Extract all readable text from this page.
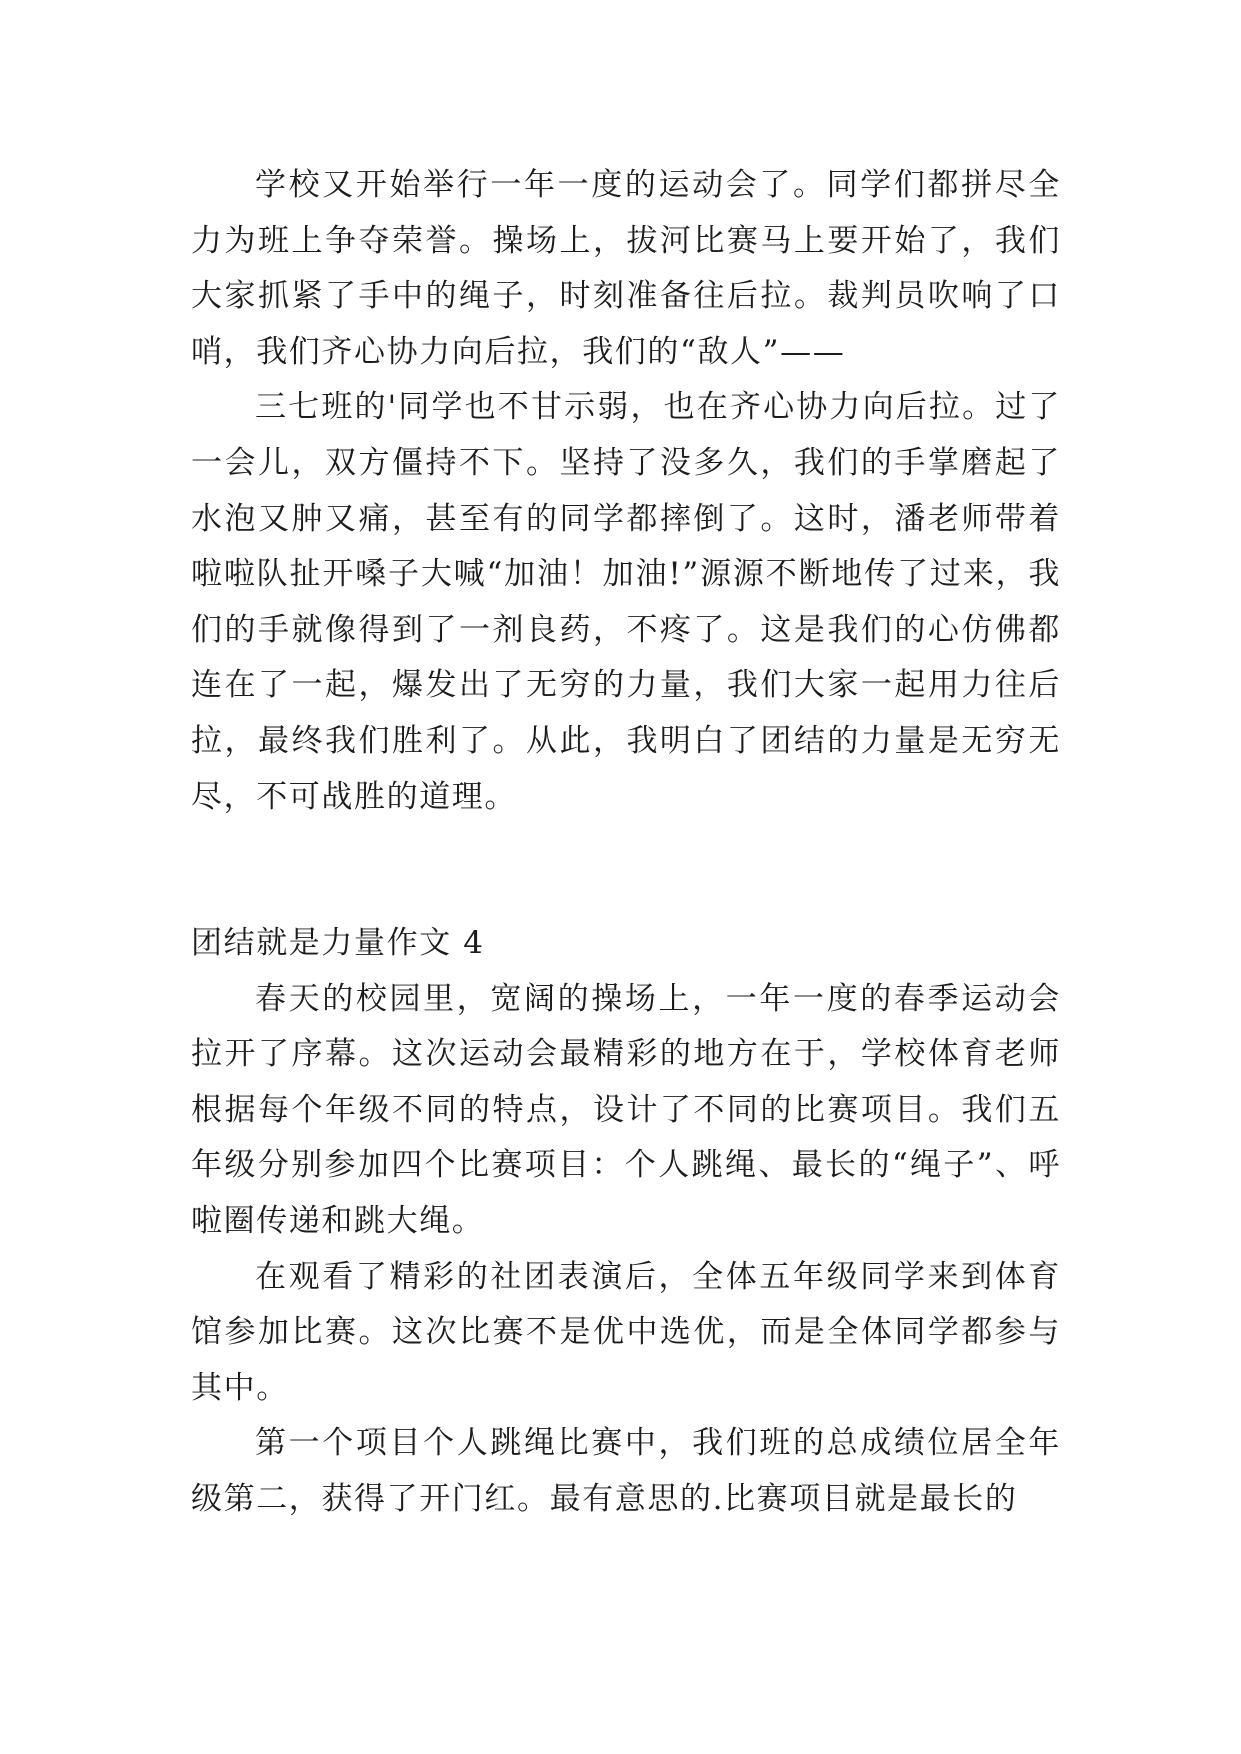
学校又开始举行一年一度的运动会了。同学们都拼尽全力为班上争夺荣誉。操场上，拔河比赛马上要开始了，我们大家抓紧了手中的绳子，时刻准备往后拉。裁判员吹响了口哨，我们齐心协力向后拉，我们的“敌人”——

三七班的'同学也不甘示弱，也在齐心协力向后拉。过了一会儿，双方僵持不下。坚持了没多久，我们的手掌磨起了水泡又肿又痛，甚至有的同学都摔倒了。这时，潘老师带着啦啦队扯开嗓子大喊“加油！加油!”源源不断地传了过来，我们的手就像得到了一剂良药，不疼了。这是我们的心仿佛都连在了一起，爆发出了无穷的力量，我们大家一起用力往后拉，最终我们胜利了。从此，我明白了团结的力量是无穷无尽，不可战胜的道理。

团结就是力量作文 4

春天的校园里，宽阔的操场上，一年一度的春季运动会拉开了序幕。这次运动会最精彩的地方在于，学校体育老师根据每个年级不同的特点，设计了不同的比赛项目。我们五年级分别参加四个比赛项目：个人跳绳、最长的“绳子”、呼啦圈传递和跳大绳。

在观看了精彩的社团表演后，全体五年级同学来到体育馆参加比赛。这次比赛不是优中选优，而是全体同学都参与其中。

第一个项目个人跳绳比赛中，我们班的总成绩位居全年级第二，获得了开门红。最有意思的.比赛项目就是最长的
